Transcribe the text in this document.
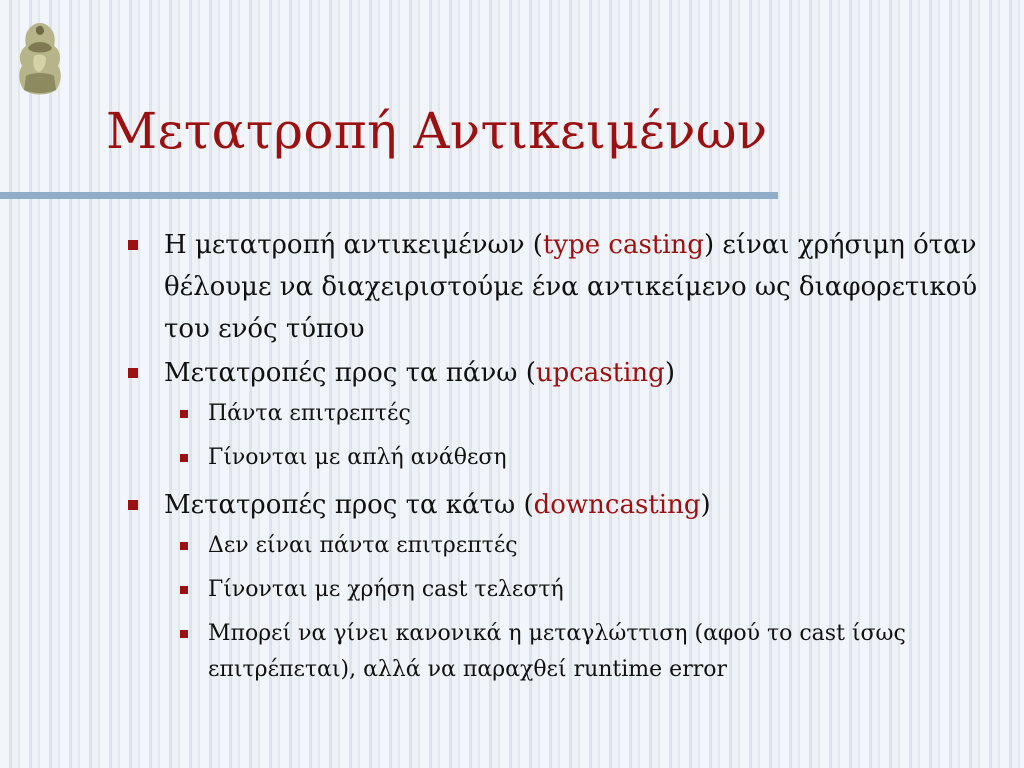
Μετατροπή Αντικειμένων
Η μετατροπή αντικειμένων (type casting) είναι χρήσιμη όταν θέλουμε να διαχειριστούμε ένα αντικείμενο ως διαφορετικού του ενός τύπου
Μετατροπές προς τα πάνω (upcasting)
Πάντα επιτρεπτές
Γίνονται με απλή ανάθεση
Μετατροπές προς τα κάτω (downcasting)
Δεν είναι πάντα επιτρεπτές
Γίνονται με χρήση cast τελεστή
Μπορεί να γίνει κανονικά η μεταγλώττιση (αφού το cast ίσως επιτρέπεται), αλλά να παραχθεί runtime error
